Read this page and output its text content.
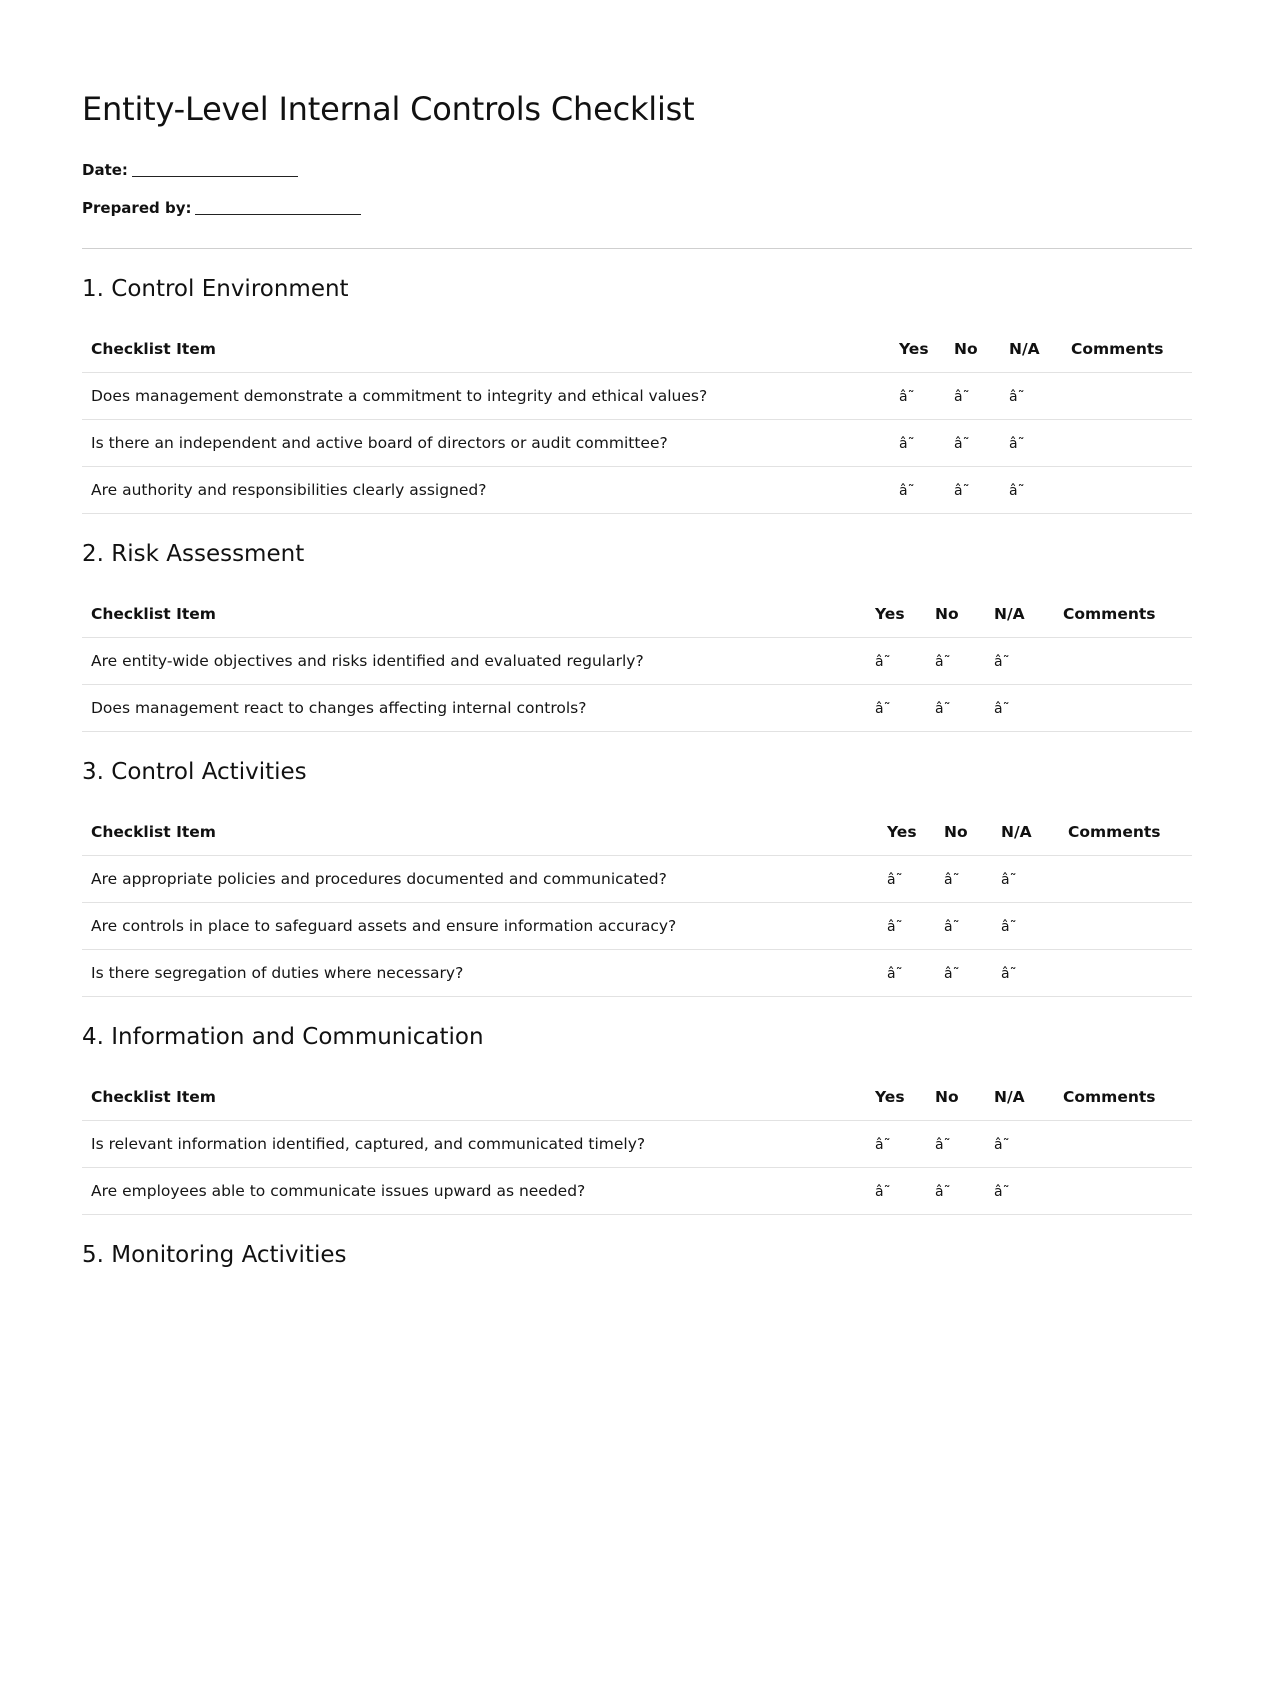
Entity-Level Internal Controls Checklist
Date:
Prepared by:
1. Control Environment
Checklist Item	Yes	No	N/A	Comments
Does management demonstrate a commitment to integrity and ethical values?	â˜	â˜	â˜	
Is there an independent and active board of directors or audit committee?	â˜	â˜	â˜	
Are authority and responsibilities clearly assigned?	â˜	â˜	â˜	
2. Risk Assessment
Checklist Item	Yes	No	N/A	Comments
Are entity-wide objectives and risks identified and evaluated regularly?	â˜	â˜	â˜	
Does management react to changes affecting internal controls?	â˜	â˜	â˜	
3. Control Activities
Checklist Item	Yes	No	N/A	Comments
Are appropriate policies and procedures documented and communicated?	â˜	â˜	â˜	
Are controls in place to safeguard assets and ensure information accuracy?	â˜	â˜	â˜	
Is there segregation of duties where necessary?	â˜	â˜	â˜	
4. Information and Communication
Checklist Item	Yes	No	N/A	Comments
Is relevant information identified, captured, and communicated timely?	â˜	â˜	â˜	
Are employees able to communicate issues upward as needed?	â˜	â˜	â˜	
5. Monitoring Activities
